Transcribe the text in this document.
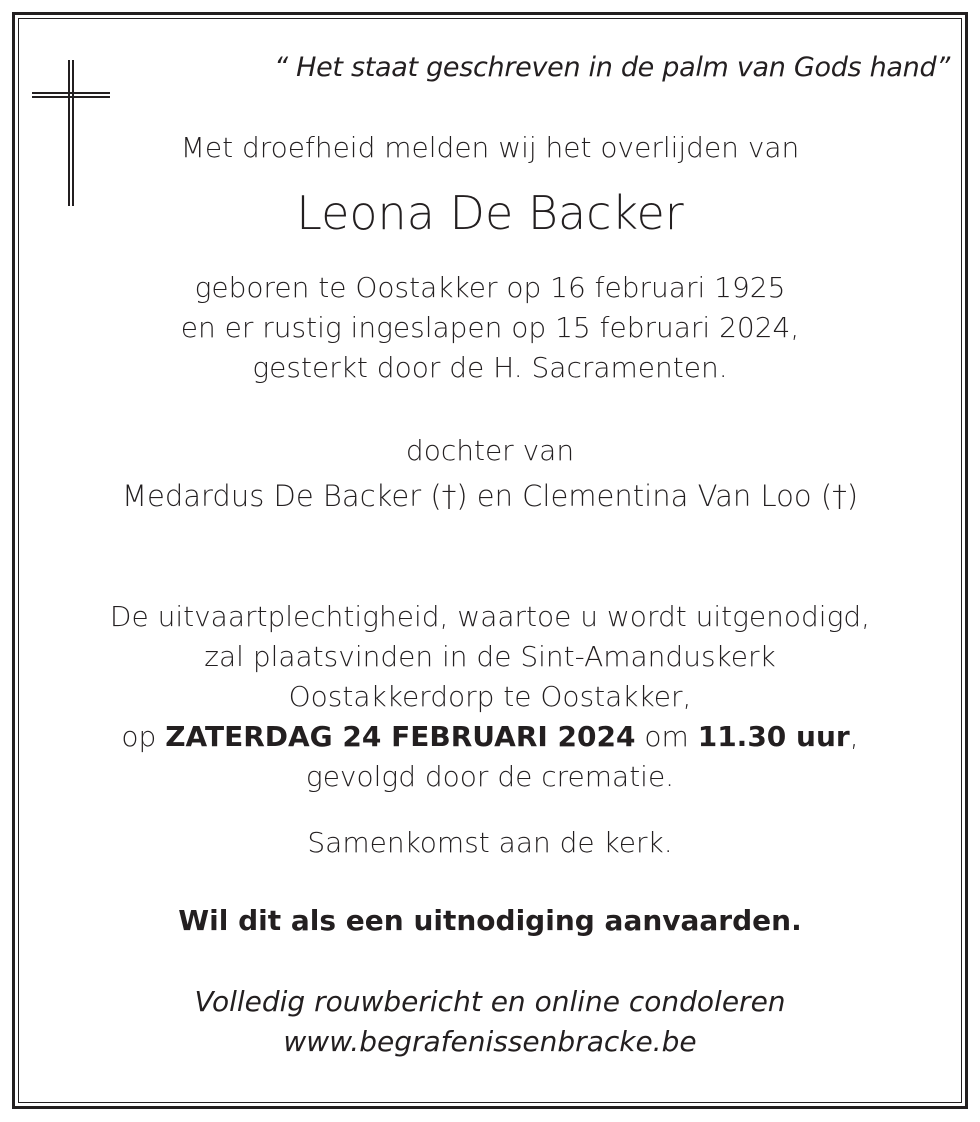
“ Het staat geschreven in de palm van Gods hand”
Met droefheid melden wij het overlijden van
Leona De Backer
geboren te Oostakker op 16 februari 1925
en er rustig ingeslapen op 15 februari 2024,
gesterkt door de H. Sacramenten.
dochter van
Medardus De Backer (†) en Clementina Van Loo (†)
De uitvaartplechtigheid, waartoe u wordt uitgenodigd,
zal plaatsvinden in de Sint-Amanduskerk
Oostakkerdorp te Oostakker,
op ZATERDAG 24 FEBRUARI 2024 om 11.30 uur,
gevolgd door de crematie.
Samenkomst aan de kerk.
Wil dit als een uitnodiging aanvaarden.
Volledig rouwbericht en online condoleren
www.begrafenissenbracke.be
